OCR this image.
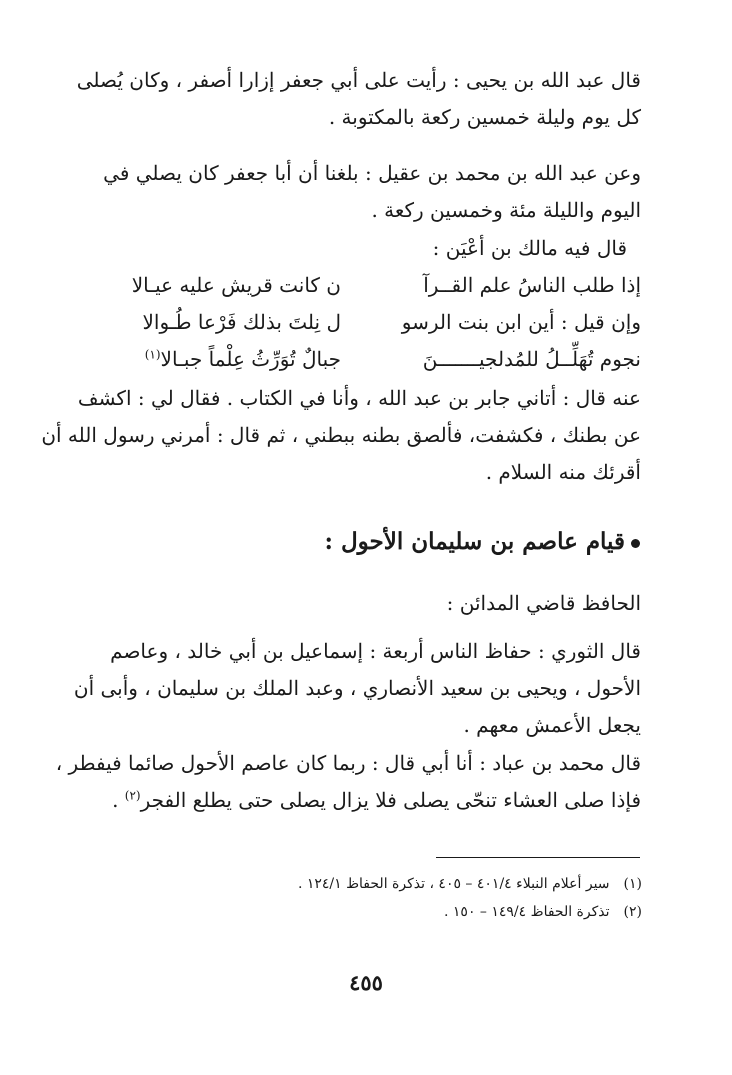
قال عبد الله بن يحيى : رأيت على أبي جعفر إزارا أصفر ، وكان يُصلى
كل يوم وليلة خمسين ركعة بالمكتوبة .
وعن عبد الله بن محمد بن عقيل : بلغنا أن أبا جعفر كان يصلي في
اليوم والليلة مئة وخمسين ركعة .
قال فيه مالك بن أعْيَن :
إذا طلب الناسُ علم القــرآ
ن كانت قريش عليه عيـالا
وإن قيل : أين ابن بنت الرسو
ل نِلتَ بذلك فَرْعا طُـوالا
نجوم تُهَلِّــلُ للمُدلجيـــــــنَ
جبالٌ تُوَرِّثُ عِلْماً جبـالا$^{(١)}$
عنه قال : أتاني جابر بن عبد الله ، وأنا في الكتاب . فقال لي : اكشف
عن بطنك ، فكشفت، فألصق بطنه ببطني ، ثم قال : أمرني رسول الله أن
أقرئك منه السلام .
قيام عاصم بن سليمان الأحول :
الحافظ قاضي المدائن :
قال الثوري : حفاظ الناس أربعة : إسماعيل بن أبي خالد ، وعاصم
الأحول ، ويحيى بن سعيد الأنصاري ، وعبد الملك بن سليمان ، وأبى أن
يجعل الأعمش معهم .
قال محمد بن عباد : أنا أبي قال : ربما كان عاصم الأحول صائما فيفطر ،
فإذا صلى العشاء تنحّى يصلى فلا يزال يصلى حتى يطلع الفجر$^{(٢)}$ .
(١)سير أعلام النبلاء ٤٠١/٤ – ٤٠٥ ، تذكرة الحفاظ ١٢٤/١ .
(٢)تذكرة الحفاظ ١٤٩/٤ – ١٥٠ .
٤٥٥
